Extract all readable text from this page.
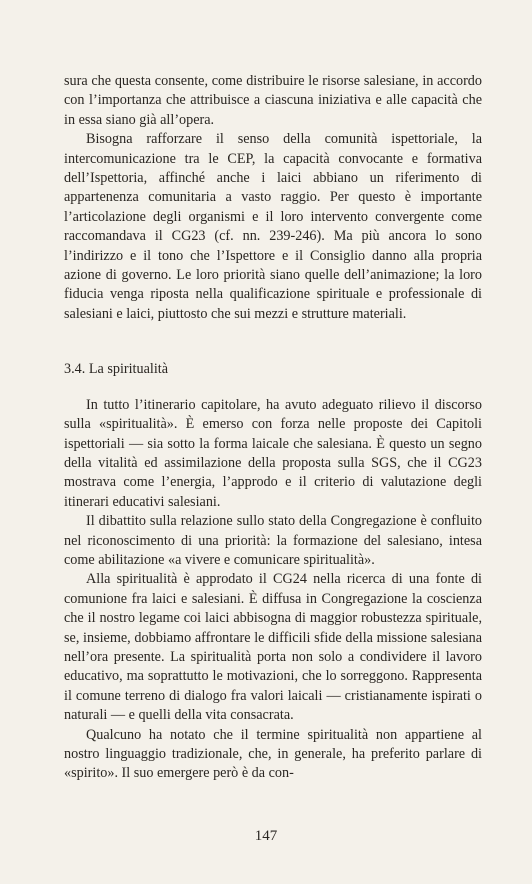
sura che questa consente, come distribuire le risorse salesiane, in accordo con l’importanza che attribuisce a ciascuna iniziativa e alle capacità che in essa siano già all’opera.

Bisogna rafforzare il senso della comunità ispettoriale, la intercomunicazione tra le CEP, la capacità convocante e formativa dell’Ispettoria, affinché anche i laici abbiano un riferimento di appartenenza comunitaria a vasto raggio. Per questo è importante l’articolazione degli organismi e il loro intervento convergente come raccomandava il CG23 (cf. nn. 239-246). Ma più ancora lo sono l’indirizzo e il tono che l’Ispettore e il Consiglio danno alla propria azione di governo. Le loro priorità siano quelle dell’animazione; la loro fiducia venga riposta nella qualificazione spirituale e professionale di salesiani e laici, piuttosto che sui mezzi e strutture materiali.

3.4. La spiritualità

In tutto l’itinerario capitolare, ha avuto adeguato rilievo il discorso sulla «spiritualità». È emerso con forza nelle proposte dei Capitoli ispettoriali — sia sotto la forma laicale che salesiana. È questo un segno della vitalità ed assimilazione della proposta sulla SGS, che il CG23 mostrava come l’energia, l’approdo e il criterio di valutazione degli itinerari educativi salesiani.

Il dibattito sulla relazione sullo stato della Congregazione è confluito nel riconoscimento di una priorità: la formazione del salesiano, intesa come abilitazione «a vivere e comunicare spiritualità».

Alla spiritualità è approdato il CG24 nella ricerca di una fonte di comunione fra laici e salesiani. È diffusa in Congregazione la coscienza che il nostro legame coi laici abbisogna di maggior robustezza spirituale, se, insieme, dobbiamo affrontare le difficili sfide della missione salesiana nell’ora presente. La spiritualità porta non solo a condividere il lavoro educativo, ma soprattutto le motivazioni, che lo sorreggono. Rappresenta il comune terreno di dialogo fra valori laicali — cristianamente ispirati o naturali — e quelli della vita consacrata.

Qualcuno ha notato che il termine spiritualità non appartiene al nostro linguaggio tradizionale, che, in generale, ha preferito parlare di «spirito». Il suo emergere però è da con-

147
